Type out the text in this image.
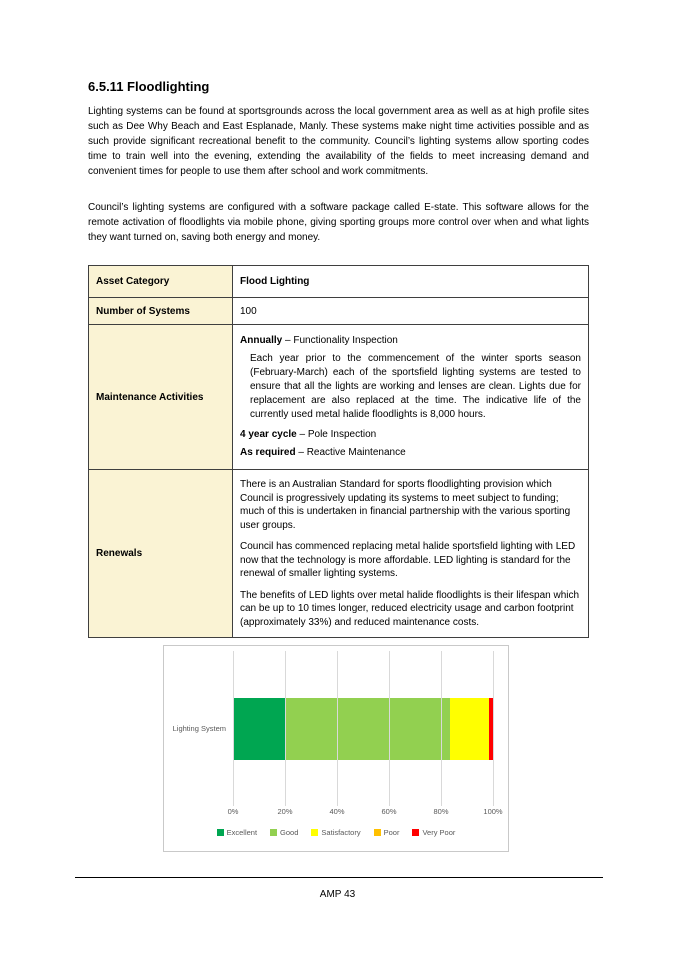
6.5.11 Floodlighting

Lighting systems can be found at sportsgrounds across the local government area as well as at high profile sites such as Dee Why Beach and East Esplanade, Manly. These systems make night time activities possible and as such provide significant recreational benefit to the community. Council’s lighting systems allow sporting codes time to train well into the evening, extending the availability of the fields to meet increasing demand and convenient times for people to use them after school and work commitments.

Council’s lighting systems are configured with a software package called E-state. This software allows for the remote activation of floodlights via mobile phone, giving sporting groups more control over when and what lights they want turned on, saving both energy and money.

Asset Category	Flood Lighting
Number of Systems	100
Maintenance Activities	Annually – Functionality Inspection

Each year prior to the commencement of the winter sports season (February-March) each of the sportsfield lighting systems are tested to ensure that all the lights are working and lenses are clean. Lights due for replacement are also replaced at the time. The indicative life of the currently used metal halide floodlights is 8,000 hours.

4 year cycle – Pole Inspection

As required – Reactive Maintenance

Renewals	There is an Australian Standard for sports floodlighting provision which Council is progressively updating its systems to meet subject to funding; much of this is undertaken in financial partnership with the various sporting user groups.

Council has commenced replacing metal halide sportsfield lighting with LED now that the technology is more affordable. LED lighting is standard for the renewal of smaller lighting systems.

The benefits of LED lights over metal halide floodlights is their lifespan which can be up to 10 times longer, reduced electricity usage and carbon footprint (approximately 33%) and reduced maintenance costs.

Lighting System
0%	20%	40%	60%	80%	100%
Excellent	Good	Satisfactory	Poor	Very Poor
AMP 43
